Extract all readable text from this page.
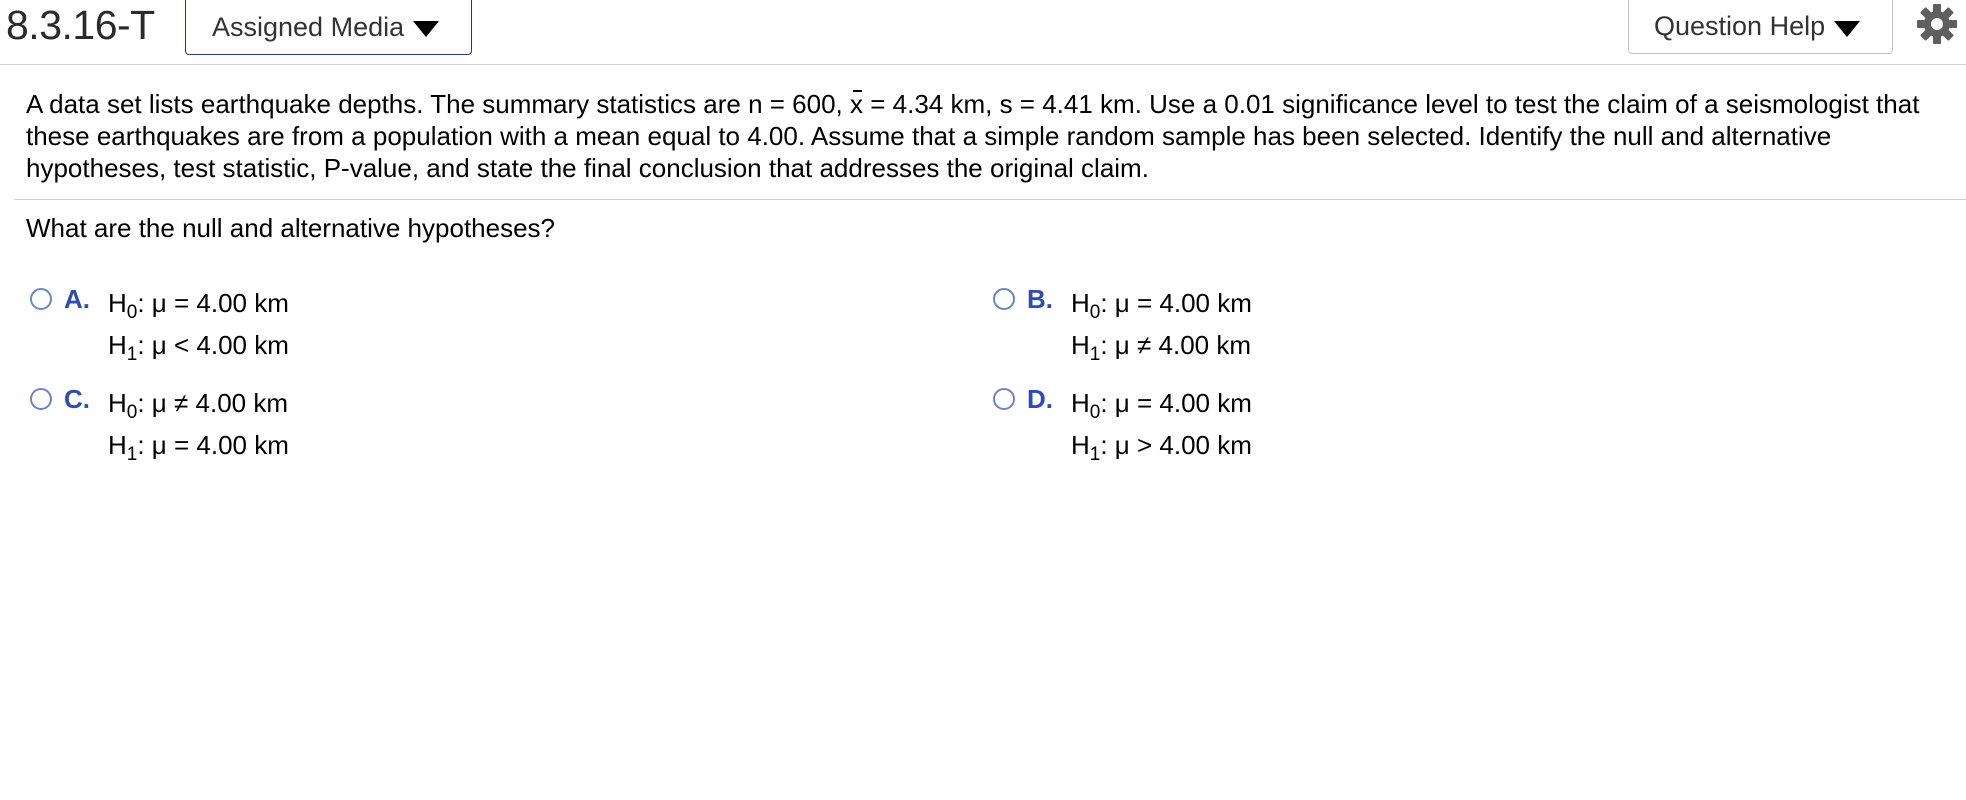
8.3.16-T Assigned Media	Question Help
A data set lists earthquake depths. The summary statistics are n = 600, x = 4.34 km, s = 4.41 km. Use a 0.01 significance level to test the claim of a seismologist that these earthquakes are from a population with a mean equal to 4.00. Assume that a simple random sample has been selected. Identify the null and alternative hypotheses, test statistic, P-value, and state the final conclusion that addresses the original claim.
What are the null and alternative hypotheses?
A. $H_0$: μ = 4.00 km
$H_1$: μ < 4.00 km
B. $H_0$: μ = 4.00 km
$H_1$: μ ≠ 4.00 km
C. $H_0$: μ ≠ 4.00 km
$H_1$: μ = 4.00 km
D. $H_0$: μ = 4.00 km
$H_1$: μ > 4.00 km
